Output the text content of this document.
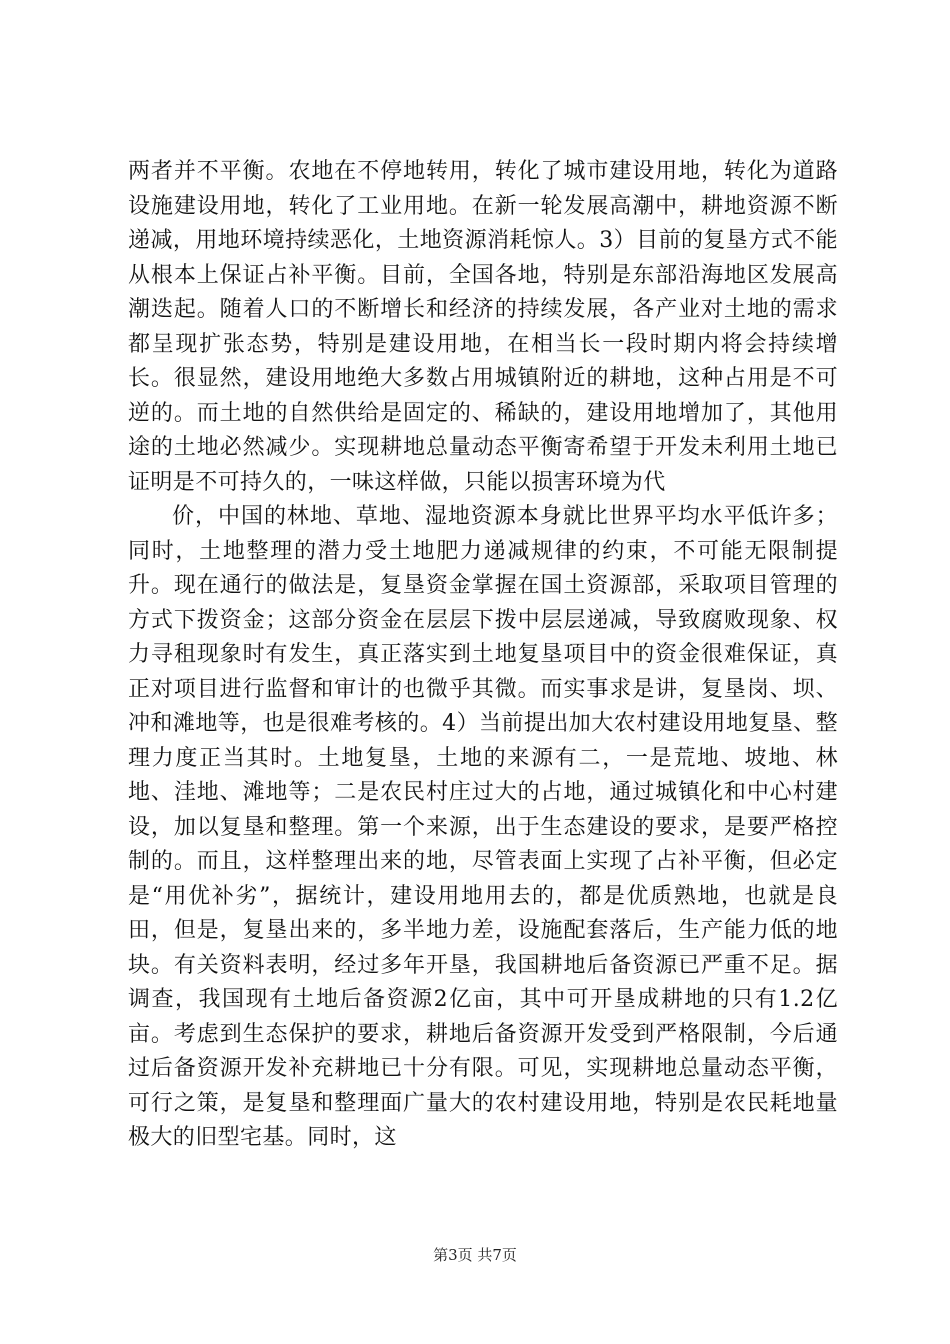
两者并不平衡。农地在不停地转用，转化了城市建设用地，转化为道路设施建设用地，转化了工业用地。在新一轮发展高潮中，耕地资源不断递减，用地环境持续恶化，土地资源消耗惊人。3）目前的复垦方式不能从根本上保证占补平衡。目前，全国各地，特别是东部沿海地区发展高潮迭起。随着人口的不断增长和经济的持续发展，各产业对土地的需求都呈现扩张态势，特别是建设用地，在相当长一段时期内将会持续增长。很显然，建设用地绝大多数占用城镇附近的耕地，这种占用是不可逆的。而土地的自然供给是固定的、稀缺的，建设用地增加了，其他用途的土地必然减少。实现耕地总量动态平衡寄希望于开发未利用土地已证明是不可持久的，一味这样做，只能以损害环境为代

价，中国的林地、草地、湿地资源本身就比世界平均水平低许多；同时，土地整理的潜力受土地肥力递减规律的约束，不可能无限制提升。现在通行的做法是，复垦资金掌握在国土资源部，采取项目管理的方式下拨资金；这部分资金在层层下拨中层层递减，导致腐败现象、权力寻租现象时有发生，真正落实到土地复垦项目中的资金很难保证，真正对项目进行监督和审计的也微乎其微。而实事求是讲，复垦岗、坝、冲和滩地等，也是很难考核的。4）当前提出加大农村建设用地复垦、整理力度正当其时。土地复垦，土地的来源有二，一是荒地、坡地、林地、洼地、滩地等；二是农民村庄过大的占地，通过城镇化和中心村建设，加以复垦和整理。第一个来源，出于生态建设的要求，是要严格控制的。而且，这样整理出来的地，尽管表面上实现了占补平衡，但必定是“用优补劣”，据统计，建设用地用去的，都是优质熟地，也就是良田，但是，复垦出来的，多半地力差，设施配套落后，生产能力低的地块。有关资料表明，经过多年开垦，我国耕地后备资源已严重不足。据调查，我国现有土地后备资源2亿亩，其中可开垦成耕地的只有1.2亿亩。考虑到生态保护的要求，耕地后备资源开发受到严格限制，今后通过后备资源开发补充耕地已十分有限。可见，实现耕地总量动态平衡，可行之策，是复垦和整理面广量大的农村建设用地，特别是农民耗地量极大的旧型宅基。同时，这

第3页 共7页
